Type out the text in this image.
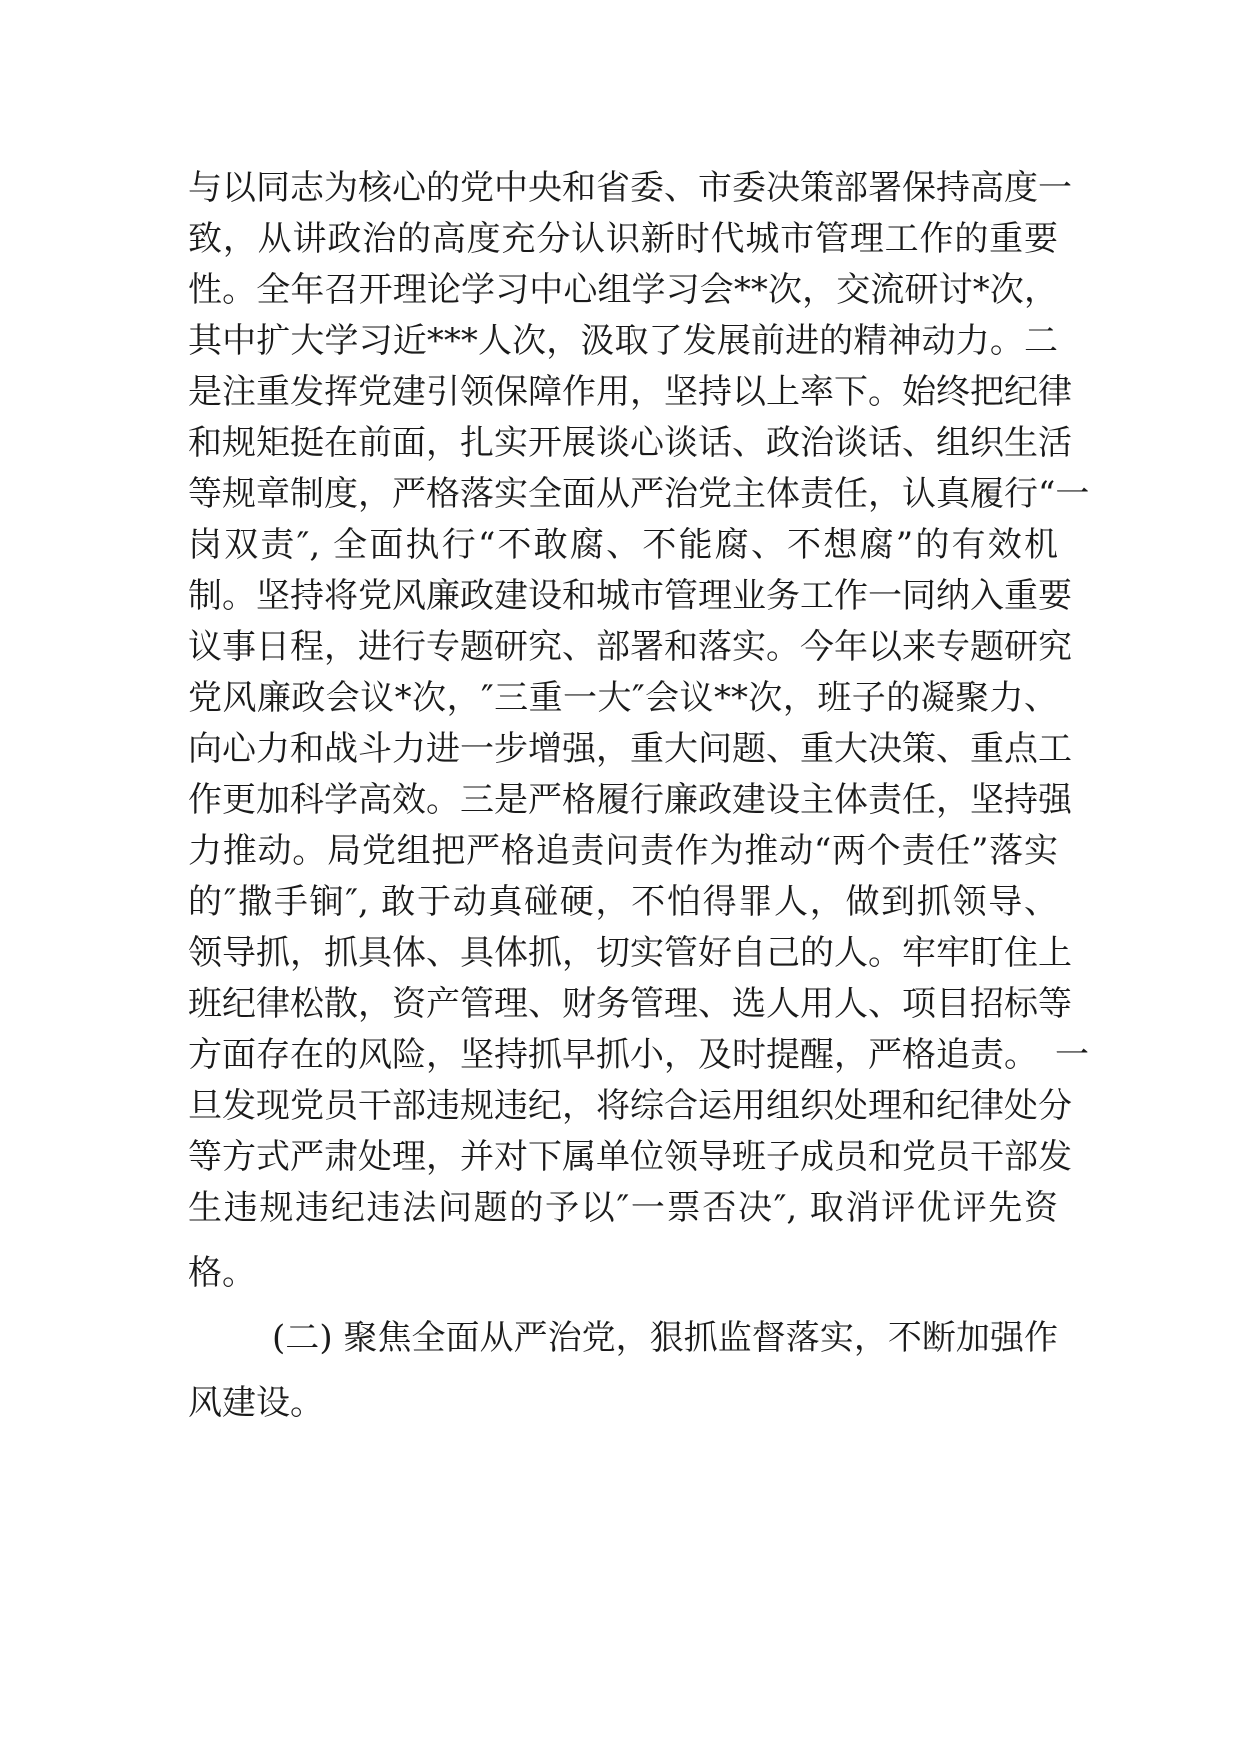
与以同志为核心的党中央和省委、市委决策部署保持高度一
致，从讲政治的高度充分认识新时代城市管理工作的重要
性。全年召开理论学习中心组学习会**次，交流研讨*次，
其中扩大学习近***人次，汲取了发展前进的精神动力。二
是注重发挥党建引领保障作用，坚持以上率下。始终把纪律
和规矩挺在前面，扎实开展谈心谈话、政治谈话、组织生活
等规章制度，严格落实全面从严治党主体责任，认真履行“一
岗双责″, 全面执行“不敢腐、不能腐、不想腐”的有效机
制。坚持将党风廉政建设和城市管理业务工作一同纳入重要
议事日程，进行专题研究、部署和落实。今年以来专题研究
党风廉政会议*次，″三重一大″会议**次，班子的凝聚力、
向心力和战斗力进一步增强，重大问题、重大决策、重点工
作更加科学高效。三是严格履行廉政建设主体责任，坚持强
力推动。局党组把严格追责问责作为推动“两个责任”落实
的″撒手锏″, 敢于动真碰硬，不怕得罪人，做到抓领导、
领导抓，抓具体、具体抓，切实管好自己的人。牢牢盯住上
班纪律松散，资产管理、财务管理、选人用人、项目招标等
方面存在的风险，坚持抓早抓小，及时提醒，严格追责。　一
旦发现党员干部违规违纪，将综合运用组织处理和纪律处分
等方式严肃处理，并对下属单位领导班子成员和党员干部发
生违规违纪违法问题的予以″一票否决″, 取消评优评先资
格。
(二) 聚焦全面从严治党，狠抓监督落实，不断加强作
风建设。
